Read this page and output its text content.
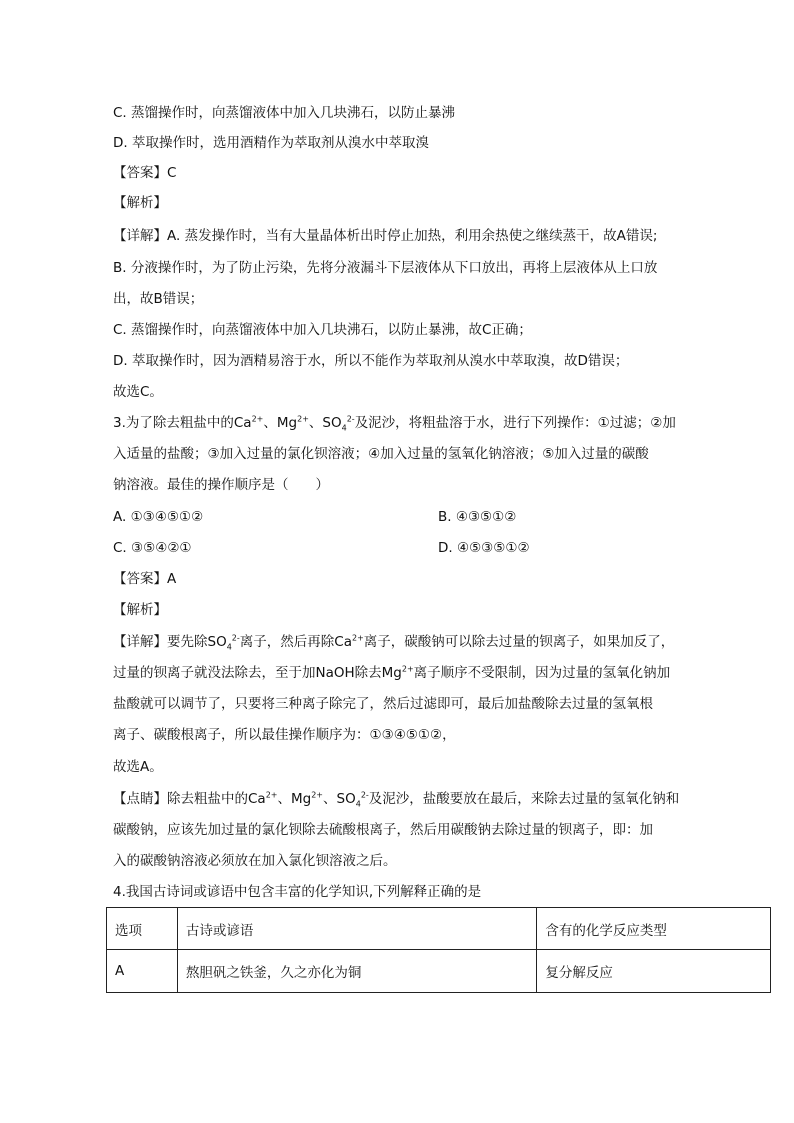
C. 蒸馏操作时，向蒸馏液体中加入几块沸石，以防止暴沸
D. 萃取操作时，选用酒精作为萃取剂从溴水中萃取溴
【答案】C
【解析】
【详解】A. 蒸发操作时，当有大量晶体析出时停止加热，利用余热使之继续蒸干，故A错误;
B. 分液操作时，为了防止污染，先将分液漏斗下层液体从下口放出，再将上层液体从上口放
出，故B错误；
C. 蒸馏操作时，向蒸馏液体中加入几块沸石，以防止暴沸，故C正确；
D. 萃取操作时，因为酒精易溶于水，所以不能作为萃取剂从溴水中萃取溴，故D错误；
故选C。
3.为了除去粗盐中的$Ca^{2+}$、$Mg^{2+}$、$SO_4^{2-}$及泥沙，将粗盐溶于水，进行下列操作：①过滤；②加
入适量的盐酸；③加入过量的氯化钡溶液；④加入过量的氢氧化钠溶液；⑤加入过量的碳酸
钠溶液。最佳的操作顺序是（　　）
A. ①③④⑤①②	B. ④③⑤①②
C. ③⑤④②①	D. ④⑤③⑤①②
【答案】A
【解析】
【详解】要先除$SO_4^{2-}$离子，然后再除$Ca^{2+}$离子，碳酸钠可以除去过量的钡离子，如果加反了，
过量的钡离子就没法除去，至于加NaOH除去$Mg^{2+}$离子顺序不受限制，因为过量的氢氧化钠加
盐酸就可以调节了，只要将三种离子除完了，然后过滤即可，最后加盐酸除去过量的氢氧根
离子、碳酸根离子，所以最佳操作顺序为：①③④⑤①②，
故选A。
【点睛】除去粗盐中的$Ca^{2+}$、$Mg^{2+}$、$SO_4^{2-}$及泥沙，盐酸要放在最后，来除去过量的氢氧化钠和
碳酸钠，应该先加过量的氯化钡除去硫酸根离子，然后用碳酸钠去除过量的钡离子，即：加
入的碳酸钠溶液必须放在加入氯化钡溶液之后。
4.我国古诗词或谚语中包含丰富的化学知识,下列解释正确的是
选项	古诗或谚语	含有的化学反应类型
A	熬胆矾之铁釜，久之亦化为铜	复分解反应
